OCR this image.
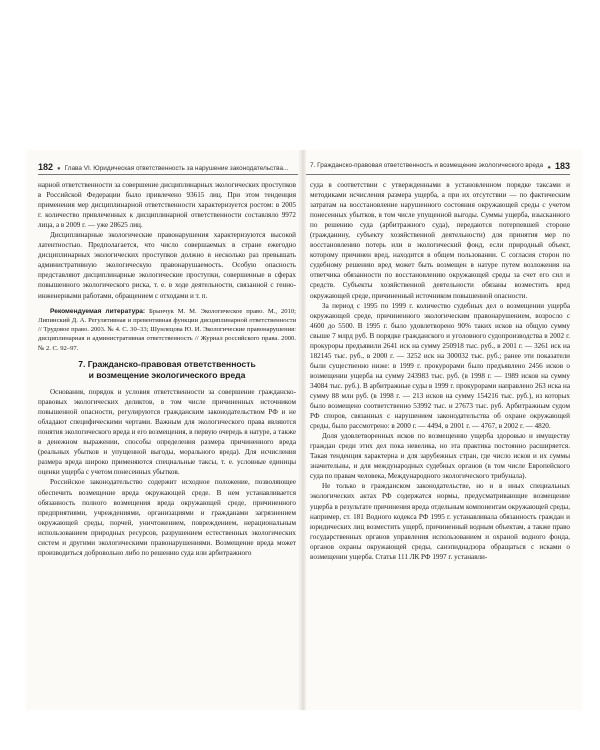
182 ● Глава VI. Юридическая ответственность за нарушение законодательства...

нарной ответственности за совершение дисциплинарных экологических проступков в Российской Федерации было привлечено 93615 лиц. При этом тенденция применения мер дисциплинарной ответственности характеризуется ростом: в 2005 г. количество привлеченных к дисциплинарной ответственности составляло 9972 лица, а в 2009 г. — уже 28625 лиц.

Дисциплинарные экологические правонарушения характеризуются высокой латентностью. Предполагается, что число совершаемых в стране ежегодно дисциплинарных экологических проступков должно в несколько раз превышать административную экологическую правонарушаемость. Особую опасность представляют дисциплинарные экологические проступки, совершенные в сферах повышенного экологического риска, т. е. в ходе деятельности, связанной с генно-инженерными работами, обращением с отходами и т. п.

Рекомендуемая литература: Брынчук М. М. Экологическое право. М., 2010; Липинский Д. А. Регулятивная и превентивная функции дисциплинарной ответственности // Трудовое право. 2003. № 4. С. 30–33; Шунлецова Ю. И. Экологические правонарушения: дисциплинарная и административная ответственность // Журнал российского права. 2000. № 2. С. 92–97.

7. Гражданско-правовая ответственность
и возмещение экологического вреда

Основания, порядок и условия ответственности за совершение гражданско-правовых экологических деликтов, в том числе причиненных источником повышенной опасности, регулируются гражданским законодательством РФ и не обладают специфическими чертами. Важным для экологического права являются понятия экологического вреда и его возмещения, в первую очередь в натуре, а также в денежном выражении, способы определения размера причиненного вреда (реальных убытков и упущенной выгоды, морального вреда). Для исчисления размера вреда широко применяются специальные таксы, т. е. условные единицы оценки ущерба с учетом понесенных убытков.

Российское законодательство содержит исходное положение, позволяющее обеспечить возмещение вреда окружающей среде. В нем устанавливается обязанность полного возмещения вреда окружающей среде, причиненного предприятиями, учреждениями, организациями и гражданами загрязнением окружающей среды, порчей, уничтожением, повреждением, нерациональным использованием природных ресурсов, разрушением естественных экологических систем и другими экологическими правонарушениями. Возмещение вреда может производиться добровольно либо по решению суда или арбитражного

7. Гражданско-правовая ответственность и возмещение экологического вреда ● 183

суда в соответствии с утвержденными в установленном порядке таксами и методиками исчисления размера ущерба, а при их отсутствии — по фактическим затратам на восстановление нарушенного состояния окружающей среды с учетом понесенных убытков, в том числе упущенной выгоды. Суммы ущерба, взысканного по решению суда (арбитражного суда), передаются потерпевшей стороне (гражданину, субъекту хозяйственной деятельности) для принятия мер по восстановлению потерь или в экологический фонд, если природный объект, которому причинен вред, находится в общем пользовании. С согласия сторон по судебному решению вред может быть возмещен в натуре путем возложения на ответчика обязанности по восстановлению окружающей среды за счет его сил и средств. Субъекты хозяйственной деятельности обязаны возместить вред окружающей среде, причиненный источником повышенной опасности.

За период с 1995 по 1999 г. количество судебных дел о возмещении ущерба окружающей среде, причиненного экологическим правонарушением, возросло с 4600 до 5500. В 1995 г. было удовлетворено 90% таких исков на общую сумму свыше 7 млрд руб. В порядке гражданского и уголовного судопроизводства в 2002 г. прокуроры предъявили 2641 иск на сумму 250918 тыс. руб., в 2001 г. — 3261 иск на 182145 тыс. руб., в 2000 г. — 3252 иск на 300032 тыс. руб.; ранее эти показатели были существенно ниже: в 1999 г. прокурорами было предъявлено 2456 исков о возмещении ущерба на сумму 243983 тыс. руб. (в 1998 г. — 1989 исков на сумму 34084 тыс. руб.). В арбитражные суды в 1999 г. прокурорами направлено 263 иска на сумму 88 млн руб. (в 1998 г. — 213 исков на сумму 154216 тыс. руб.), из которых было возмещено соответственно 53992 тыс. и 27673 тыс. руб. Арбитражным судом РФ споров, связанных с нарушением законодательства об охране окружающей среды, было рассмотрено: в 2000 г. — 4494, в 2001 г. — 4767, в 2002 г. — 4820.

Доля удовлетворенных исков по возмещению ущерба здоровью и имуществу граждан среди этих дел пока невелика, но эта практика постоянно расширяется. Такая тенденция характерна и для зарубежных стран, где число исков и их суммы значительны, и для международных судебных органов (в том числе Европейского суда по правам человека, Международного экологического трибунала).

Не только в гражданском законодательстве, но и в иных специальных экологических актах РФ содержатся нормы, предусматривающие возмещение ущерба в результате причинения вреда отдельным компонентам окружающей среды, например, ст. 181 Водного кодекса РФ 1995 г. устанавливала обязанность граждан и юридических лиц возместить ущерб, причиненный водным объектам, а также право государственных органов управления использованием и охраной водного фонда, органов охраны окружающей среды, санэпиднадзора обращаться с исками о возмещении ущерба. Статья 111 ЛК РФ 1997 г. устанавли-
